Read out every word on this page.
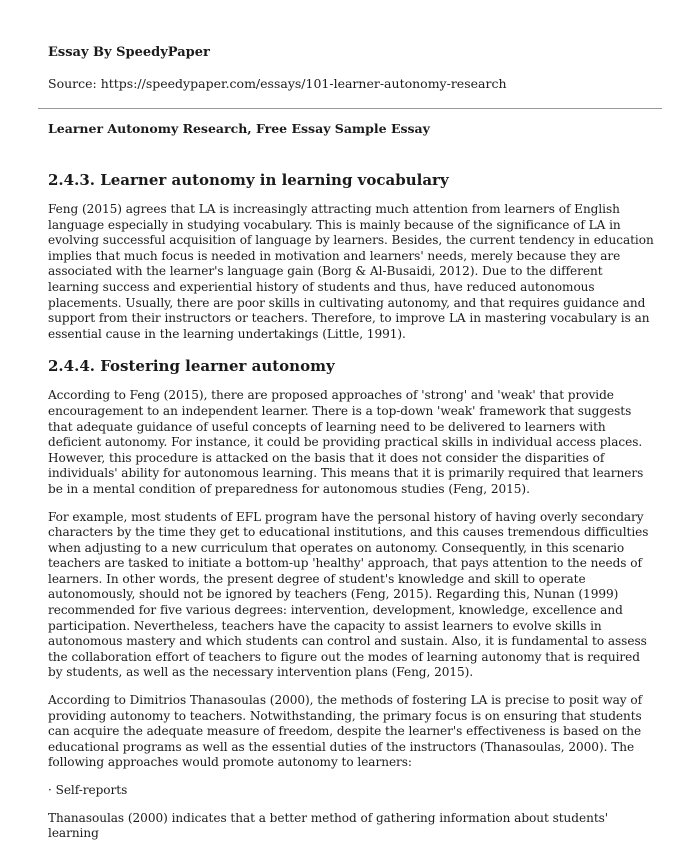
Essay By SpeedyPaper

Source: https://speedypaper.com/essays/101-learner-autonomy-research

Learner Autonomy Research, Free Essay Sample Essay

2.4.3. Learner autonomy in learning vocabulary

Feng (2015) agrees that LA is increasingly attracting much attention from learners of English language especially in studying vocabulary. This is mainly because of the significance of LA in evolving successful acquisition of language by learners. Besides, the current tendency in education implies that much focus is needed in motivation and learners' needs, merely because they are associated with the learner's language gain (Borg & Al-Busaidi, 2012). Due to the different learning success and experiential history of students and thus, have reduced autonomous placements. Usually, there are poor skills in cultivating autonomy, and that requires guidance and support from their instructors or teachers. Therefore, to improve LA in mastering vocabulary is an essential cause in the learning undertakings (Little, 1991).

2.4.4. Fostering learner autonomy

According to Feng (2015), there are proposed approaches of 'strong' and 'weak' that provide encouragement to an independent learner. There is a top-down 'weak' framework that suggests that adequate guidance of useful concepts of learning need to be delivered to learners with deficient autonomy. For instance, it could be providing practical skills in individual access places. However, this procedure is attacked on the basis that it does not consider the disparities of individuals' ability for autonomous learning. This means that it is primarily required that learners be in a mental condition of preparedness for autonomous studies (Feng, 2015).

For example, most students of EFL program have the personal history of having overly secondary characters by the time they get to educational institutions, and this causes tremendous difficulties when adjusting to a new curriculum that operates on autonomy. Consequently, in this scenario teachers are tasked to initiate a bottom-up 'healthy' approach, that pays attention to the needs of learners. In other words, the present degree of student's knowledge and skill to operate autonomously, should not be ignored by teachers (Feng, 2015). Regarding this, Nunan (1999) recommended for five various degrees: intervention, development, knowledge, excellence and participation. Nevertheless, teachers have the capacity to assist learners to evolve skills in autonomous mastery and which students can control and sustain. Also, it is fundamental to assess the collaboration effort of teachers to figure out the modes of learning autonomy that is required by students, as well as the necessary intervention plans (Feng, 2015).

According to Dimitrios Thanasoulas (2000), the methods of fostering LA is precise to posit way of providing autonomy to teachers. Notwithstanding, the primary focus is on ensuring that students can acquire the adequate measure of freedom, despite the learner's effectiveness is based on the educational programs as well as the essential duties of the instructors (Thanasoulas, 2000). The following approaches would promote autonomy to learners:

· Self-reports

Thanasoulas (2000) indicates that a better method of gathering information about students' learning
